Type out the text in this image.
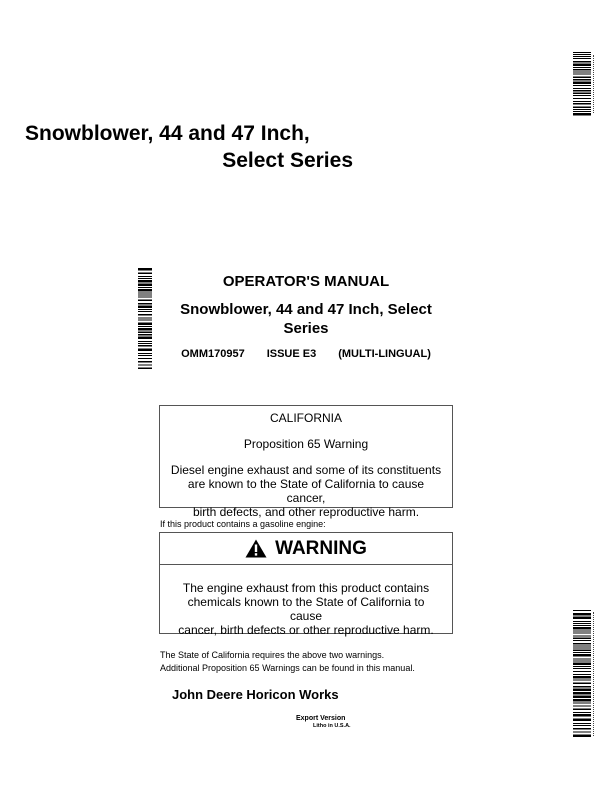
Snowblower, 44 and 47 Inch,
Select Series
OPERATOR'S MANUAL
Snowblower, 44 and 47 Inch, Select
Series
OMM170957 ISSUE E3 (MULTI-LINGUAL)
CALIFORNIA
Proposition 65 Warning
Diesel engine exhaust and some of its constituents
are known to the State of California to cause cancer,
birth defects, and other reproductive harm.
If this product contains a gasoline engine:
WARNING
The engine exhaust from this product contains
chemicals known to the State of California to cause
cancer, birth defects or other reproductive harm.
The State of California requires the above two warnings.
Additional Proposition 65 Warnings can be found in this manual.
John Deere Horicon Works
Export Version
Litho in U.S.A.
